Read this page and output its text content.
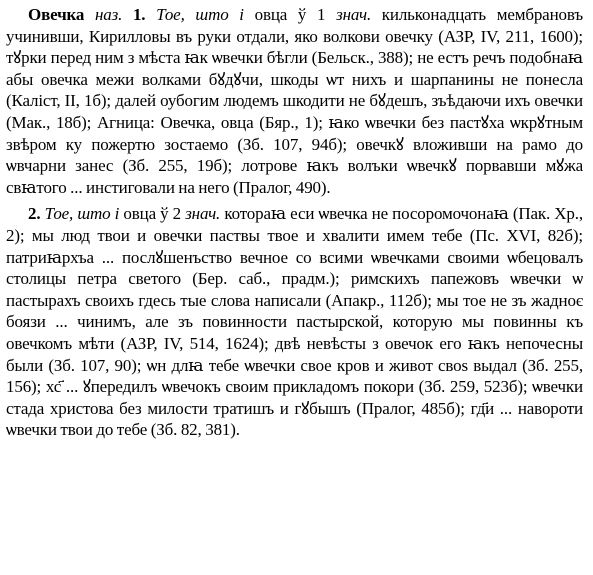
Овечка наз. 1. Тое, што і овца ў 1 знач. кильконадцать мембрановъ учинивши, Кирилловы въ руки отдали, яко волкови овечку (АЗР, IV, 211, 1600); тꙋрки перед ним з мѣста ꙗк ѡвечки бѣгли (Бельск., 388); не естъ речъ подобнаꙗ абы овечка межи волками бꙋдꙋчи, шкоды ѡт нихъ и шарпанины не понесла (Каліст, II, 1б); далей оубогим людемъ шкодити не бꙋдешъ, зъѣдаючи ихъ овечки (Мак., 18б); Агница: Овечка, овца (Бяр., 1); ꙗко ѡвечки без пастꙋха ѡкрꙋтным звѣром ку пожертю зостаемо (Зб. 107, 94б); овечкꙋ вложивши на рамо до ѡвчарни занес (Зб. 255, 19б); лотрове ꙗкъ волъки ѡвечкꙋ порвавши мꙋжа свꙗтого ... инстиговали на него (Пралог, 490).

2. Тое, што і овца ў 2 знач. котораꙗ еси ѡвечка не посоромочонаꙗ (Пак. Хр., 2); мы люд твои и овечки паствы твое и хвалити имем тебе (Пс. XVI, 82б); патриꙗрхъа ... послꙋшенъство вечное со всими ѡвечками своими ѡбецовалъ столицы петра светого (Бер. саб., прадм.); римскихъ папежовъ ѡвечки ѡ пастырахъ своихъ гдесь тые слова написали (Апакр., 112б); мы тое не зъ жадноє боязи ... чинимъ, але зъ повинности пастырской, которую мы повинны къ овечкомъ мѣти (АЗР, IV, 514, 1624); двѣ невѣсты з овечок его ꙗкъ непочесны были (Зб. 107, 90); ѡн длꙗ тебе ѡвечки свое кров и живот своѕ выдал (Зб. 255, 156); хс҃ ... ꙋпередилъ ѡвечокъ своим прикладомъ покори (Зб. 259, 523б); ѡвечки стада христова без милости тратишъ и гꙋбышъ (Пралог, 485б); гд҃и ... навороти ѡвечки твои до тебе (Зб. 82, 381).
